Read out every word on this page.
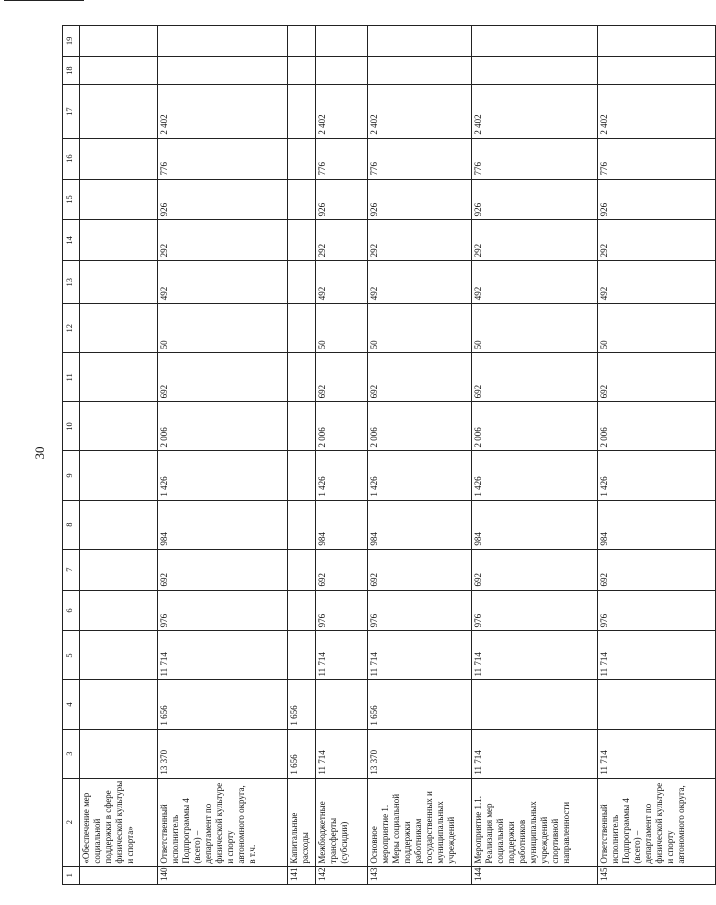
30
1	2	3	4	5	6	7	8	9	10	11	12	13	14	15	16	17	18	19
	«Обеспечение мер социальной поддержки в сфере физической культуры и спорта»																	
140	Ответственный исполнитель Подпрограммы 4 (всего) – департамент по физической культуре и спорту автономного округа, в т.ч.	13 370	1 656	11 714	976	692	984	1 426	2 006	692	50	492	292	926	776	2 402		
141	Капитальные расходы	1 656	1 656															
142	Межбюджетные трансферты (субсидии)	11 714		11 714	976	692	984	1 426	2 006	692	50	492	292	926	776	2 402		
143	Основное мероприятие 1. Меры социальной поддержки работникам государственных и муниципальных учреждений	13 370	1 656	11 714	976	692	984	1 426	2 006	692	50	492	292	926	776	2 402		
144	Мероприятие 1.1. Реализация мер социальной поддержки работников муниципальных учреждений спортивной направленности	11 714		11 714	976	692	984	1 426	2 006	692	50	492	292	926	776	2 402		
145	Ответственный исполнитель Подпрограммы 4 (всего) – департамент по физической культуре и спорту автономного округа,	11 714		11 714	976	692	984	1 426	2 006	692	50	492	292	926	776	2 402		
